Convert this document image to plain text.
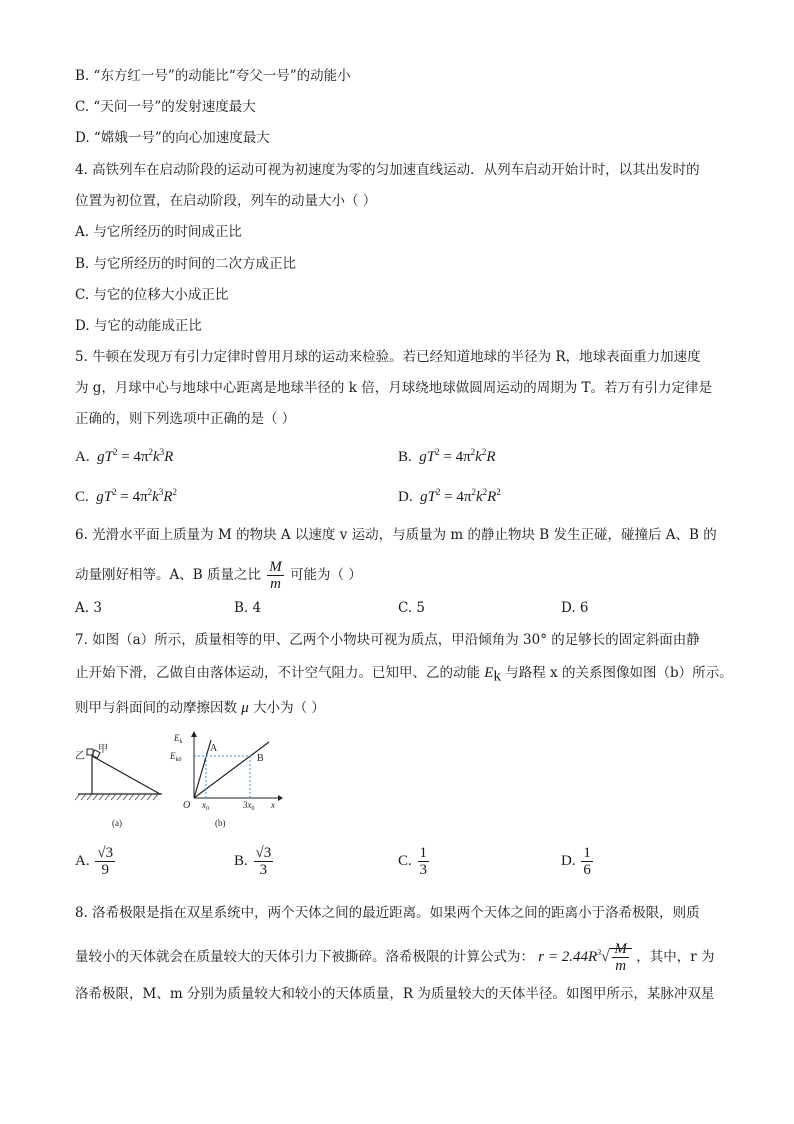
B. “东方红一号”的动能比“夸父一号”的动能小
C. “天问一号”的发射速度最大
D. “嫦娥一号”的向心加速度最大
4. 高铁列车在启动阶段的运动可视为初速度为零的匀加速直线运动．从列车启动开始计时，以其出发时的
位置为初位置，在启动阶段，列车的动量大小（ ）
A. 与它所经历的时间成正比
B. 与它所经历的时间的二次方成正比
C. 与它的位移大小成正比
D. 与它的动能成正比
5. 牛顿在发现万有引力定律时曾用月球的运动来检验。若已经知道地球的半径为 R，地球表面重力加速度
为 g，月球中心与地球中心距离是地球半径的 k 倍，月球绕地球做圆周运动的周期为 T。若万有引力定律是
正确的，则下列选项中正确的是（ ）
A. $gT^2 = 4\pi^2k^3R$	B. $gT^2 = 4\pi^2k^2R$
C. $gT^2 = 4\pi^2k^3R^2$	D. $gT^2 = 4\pi^2k^2R^2$
6. 光滑水平面上质量为 M 的物块 A 以速度 v 运动，与质量为 m 的静止物块 B 发生正碰，碰撞后 A、B 的
动量刚好相等。A、B 质量之比 $\frac{M}{m}$ 可能为（ ）
A. 3	B. 4	C. 5	D. 6
7. 如图（a）所示，质量相等的甲、乙两个小物块可视为质点，甲沿倾角为 30° 的足够长的固定斜面由静
止开始下滑，乙做自由落体运动，不计空气阻力。已知甲、乙的动能 $E_k$ 与路程 x 的关系图像如图（b）所示。
则甲与斜面间的动摩擦因数 μ 大小为（ ）
乙
甲
(a)
$E_k$
$E_{k0}$
A
B
O $x_0$	$3x_0$ x
(b)
A. $\frac{√3}{9}$	B. $\frac{√3}{3}$	C. $\frac{1}{3}$	D. $\frac{1}{6}$
8. 洛希极限是指在双星系统中，两个天体之间的最近距离。如果两个天体之间的距离小于洛希极限，则质
量较小的天体就会在质量较大的天体引力下被撕碎。洛希极限的计算公式为： $r = 2.44R^3√ \frac{M}{m}$ ，其中，r 为
洛希极限，M、m 分别为质量较大和较小的天体质量，R 为质量较大的天体半径。如图甲所示，某脉冲双星
